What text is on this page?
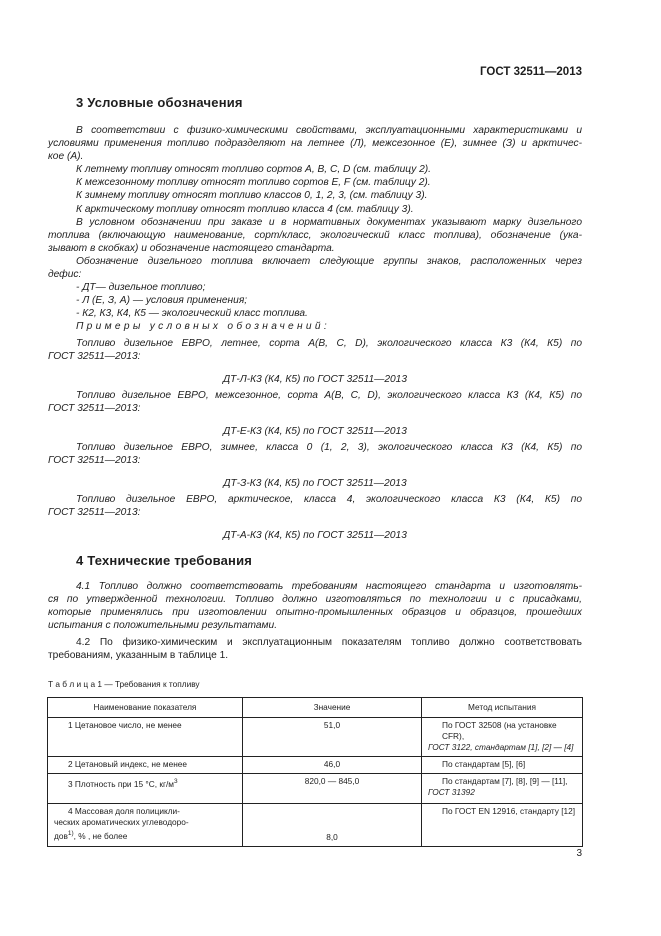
ГОСТ 32511—2013
3 Условные обозначения

В соответствии с физико-химическими свойствами, эксплуатационными характеристиками и

условиями применения топливо подразделяют на летнее (Л), межсезонное (Е), зимнее (З) и арктичес-

кое (А).

К летнему топливу относят топливо сортов A, B, C, D (см. таблицу 2).

К межсезонному топливу относят топливо сортов E, F (см. таблицу 2).

К зимнему топливу относят топливо классов 0, 1, 2, 3, (см. таблицу 3).

К арктическому топливу относят топливо класса 4 (см. таблицу 3).

В условном обозначении при заказе и в нормативных документах указывают марку дизельного

топлива (включающую наименование, сорт/класс, экологический класс топлива), обозначение (ука-

зывают в скобках) и обозначение настоящего стандарта.

Обозначение дизельного топлива включает следующие группы знаков, расположенных через

дефис:

- ДТ— дизельное топливо;

- Л (Е, З, А) — условия применения;

- К2, К3, К4, К5 — экологический класс топлива.

Примеры условных обозначений:

Топливо дизельное ЕВРО, летнее, сорта А(В, С, D), экологического класса К3 (К4, К5) по

ГОСТ 32511—2013:

ДТ-Л-К3 (К4, К5) по ГОСТ 32511—2013

Топливо дизельное ЕВРО, межсезонное, сорта А(В, С, D), экологического класса К3 (К4, К5) по

ГОСТ 32511—2013:

ДТ-Е-К3 (К4, К5) по ГОСТ 32511—2013

Топливо дизельное ЕВРО, зимнее, класса 0 (1, 2, 3), экологического класса К3 (К4, К5) по

ГОСТ 32511—2013:

ДТ-З-К3 (К4, К5) по ГОСТ 32511—2013

Топливо дизельное ЕВРО, арктическое, класса 4, экологического класса К3 (К4, К5) по

ГОСТ 32511—2013:

ДТ-А-К3 (К4, К5) по ГОСТ 32511—2013

4 Технические требования

4.1 Топливо должно соответствовать требованиям настоящего стандарта и изготовлять-

ся по утвержденной технологии. Топливо должно изготовляться по технологии и с присадками,

которые применялись при изготовлении опытно-промышленных образцов и образцов, прошедших

испытания с положительными результатами.

4.2 По физико-химическим и эксплуатационным показателям топливо должно соответствовать

требованиям, указанным в таблице 1.

Т а б л и ц а 1 — Требования к топливу
Наименование показателя	Значение	Метод испытания
1 Цетановое число, не менее	51,0	По ГОСТ 32508 (на установке CFR),
ГОСТ 3122, стандартам [1], [2] — [4]

2 Цетановый индекс, не менее	46,0	По стандартам [5], [6]
3 Плотность при 15 °С, $кг/м^3$	820,0 — 845,0	По стандартам [7], [8], [9] — [11],
ГОСТ 31392

4 Массовая доля полицикли-
ческих ароматических углеводоро-
дов$^{1)}$, % , не более	8,0	По ГОСТ EN 12916, стандарту [12]
3
